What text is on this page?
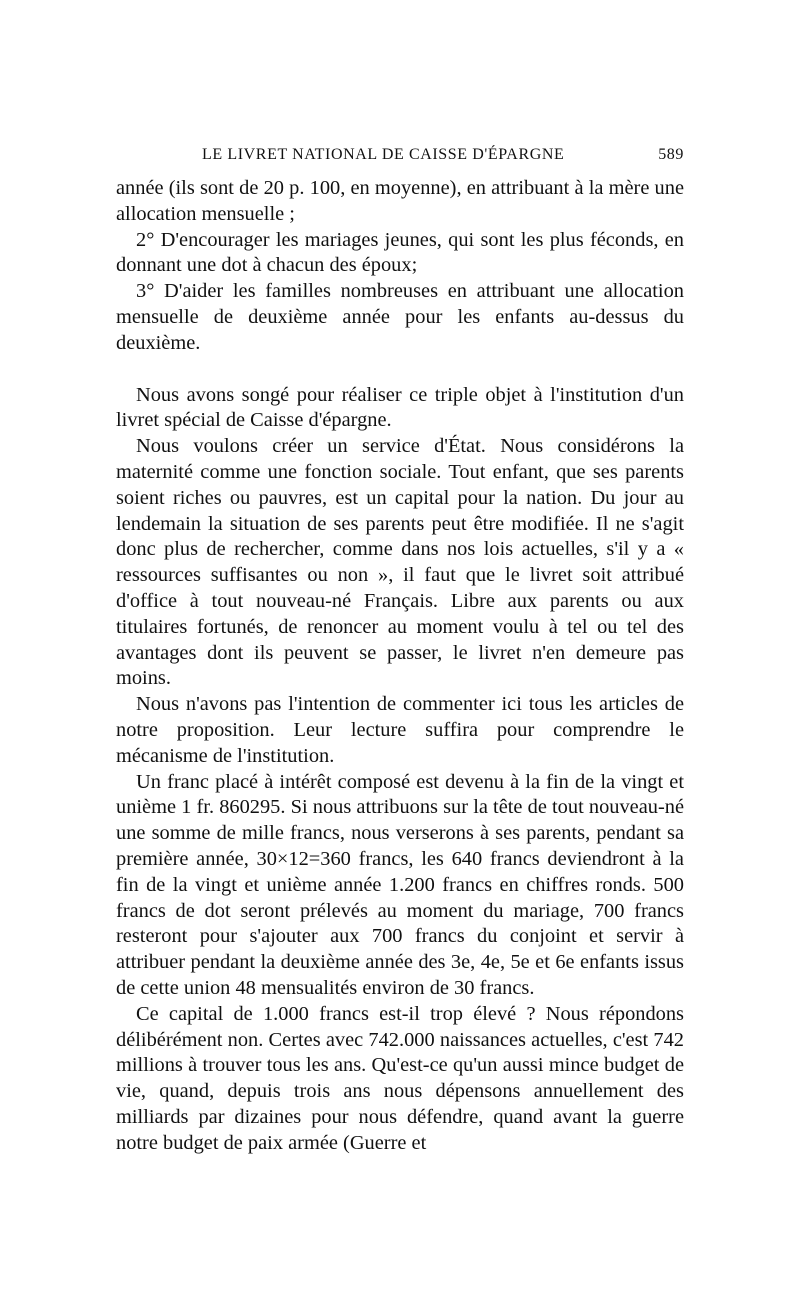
LE LIVRET NATIONAL DE CAISSE D'ÉPARGNE	589

année (ils sont de 20 p. 100, en moyenne), en attribuant à la mère une allocation mensuelle ;

2° D'encourager les mariages jeunes, qui sont les plus féconds, en donnant une dot à chacun des époux;

3° D'aider les familles nombreuses en attribuant une allocation mensuelle de deuxième année pour les enfants au-dessus du deuxième.

Nous avons songé pour réaliser ce triple objet à l'institution d'un livret spécial de Caisse d'épargne.

Nous voulons créer un service d'État. Nous considérons la maternité comme une fonction sociale. Tout enfant, que ses parents soient riches ou pauvres, est un capital pour la nation. Du jour au lendemain la situation de ses parents peut être modifiée. Il ne s'agit donc plus de rechercher, comme dans nos lois actuelles, s'il y a « ressources suffisantes ou non », il faut que le livret soit attribué d'office à tout nouveau-né Français. Libre aux parents ou aux titulaires fortunés, de renoncer au moment voulu à tel ou tel des avantages dont ils peuvent se passer, le livret n'en demeure pas moins.

Nous n'avons pas l'intention de commenter ici tous les articles de notre proposition. Leur lecture suffira pour comprendre le mécanisme de l'institution.

Un franc placé à intérêt composé est devenu à la fin de la vingt et unième 1 fr. 860295. Si nous attribuons sur la tête de tout nouveau-né une somme de mille francs, nous verserons à ses parents, pendant sa première année, 30×12=360 francs, les 640 francs deviendront à la fin de la vingt et unième année 1.200 francs en chiffres ronds. 500 francs de dot seront prélevés au moment du mariage, 700 francs resteront pour s'ajouter aux 700 francs du conjoint et servir à attribuer pendant la deuxième année des 3e, 4e, 5e et 6e enfants issus de cette union 48 mensualités environ de 30 francs.

Ce capital de 1.000 francs est-il trop élevé ? Nous répondons délibérément non. Certes avec 742.000 naissances actuelles, c'est 742 millions à trouver tous les ans. Qu'est-ce qu'un aussi mince budget de vie, quand, depuis trois ans nous dépensons annuellement des milliards par dizaines pour nous défendre, quand avant la guerre notre budget de paix armée (Guerre et
